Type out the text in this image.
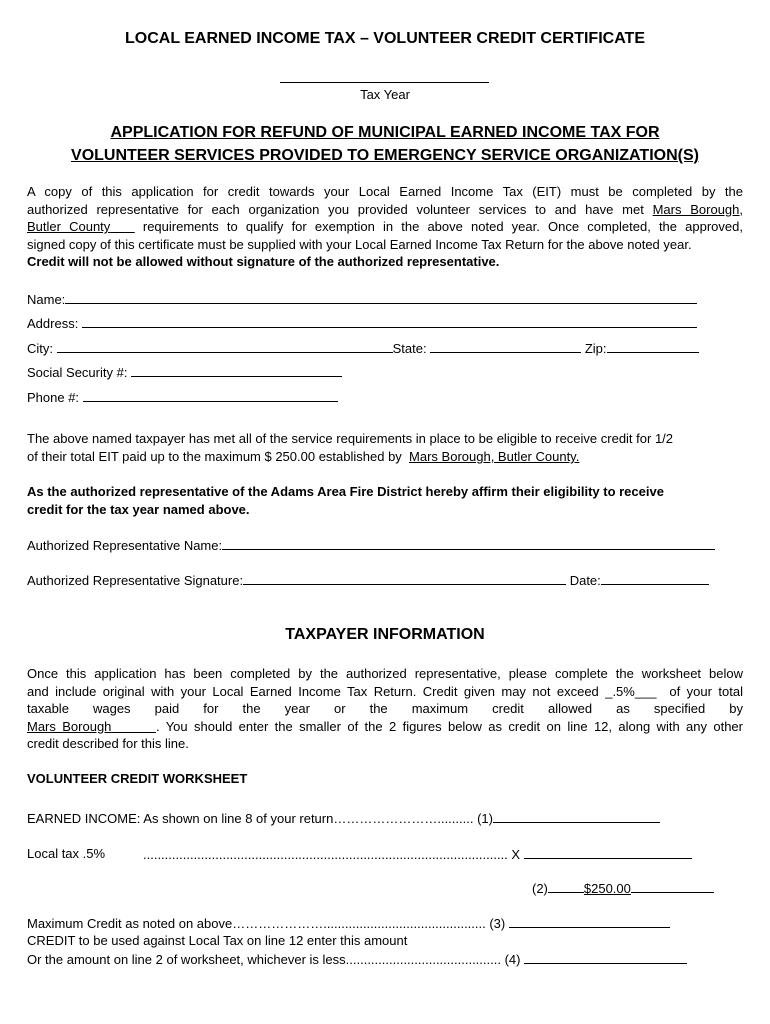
LOCAL EARNED INCOME TAX – VOLUNTEER CREDIT CERTIFICATE
Tax Year
APPLICATION FOR REFUND OF MUNICIPAL EARNED INCOME TAX FOR
VOLUNTEER SERVICES PROVIDED TO EMERGENCY SERVICE ORGANIZATION(S)
A copy of this application for credit towards your Local Earned Income Tax (EIT) must be completed by the
authorized representative for each organization you provided volunteer services to and have met Mars Borough,
Butler County	requirements to qualify for exemption in the above noted year. Once completed, the approved,
signed copy of this certificate must be supplied with your Local Earned Income Tax Return for the above noted year.
Credit will not be allowed without signature of the authorized representative.
Name:
Address:
City:	State:	Zip:
Social Security #:
Phone #:
The above named taxpayer has met all of the service requirements in place to be eligible to receive credit for 1/2
of their total EIT paid up to the maximum $ 250.00 established by Mars Borough, Butler County.
As the authorized representative of the Adams Area Fire District hereby affirm their eligibility to receive
credit for the tax year named above.
Authorized Representative Name:
Authorized Representative Signature:	Date:
TAXPAYER INFORMATION
Once this application has been completed by the authorized representative, please complete the worksheet below
and include original with your Local Earned Income Tax Return. Credit given may not exceed _.5%___ of your total
taxable wages paid for the year or the maximum credit allowed as specified by
Mars Borough	. You should enter the smaller of the 2 figures below as credit on line 12, along with any other
credit described for this line.
VOLUNTEER CREDIT WORKSHEET
EARNED INCOME: As shown on line 8 of your return…………………….......... (1)
Local tax .5%	..................................................................................................... X
(2)	$250.00
Maximum Credit as noted on above…………………............................................. (3)
CREDIT to be used against Local Tax on line 12 enter this amount
Or the amount on line 2 of worksheet, whichever is less........................................... (4)
